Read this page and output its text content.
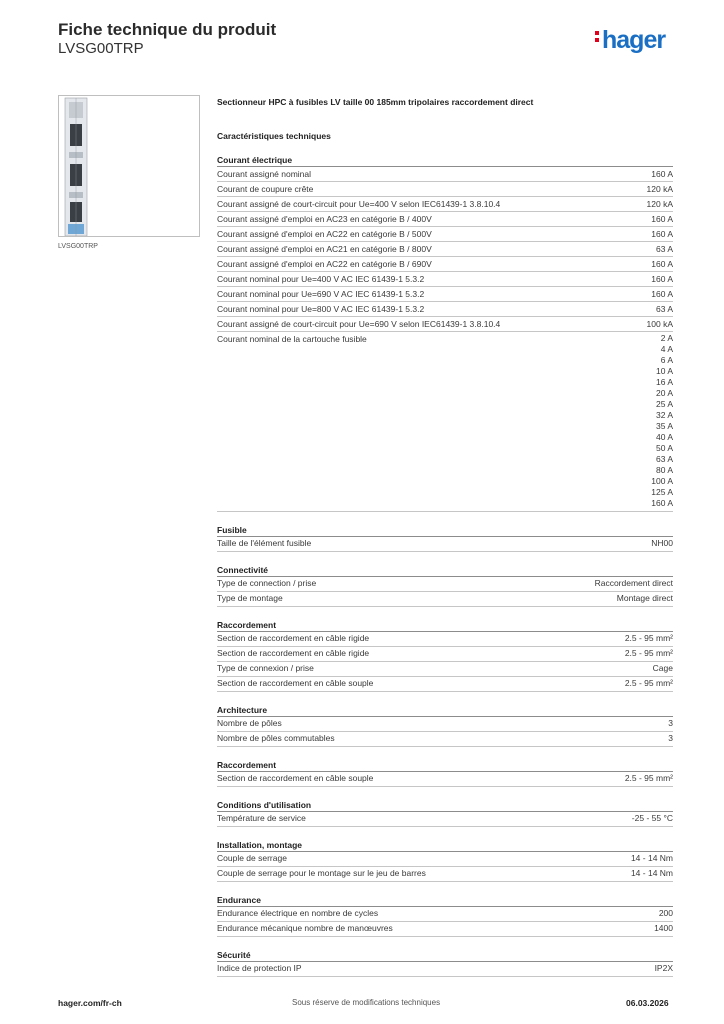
Fiche technique du produit
LVSG00TRP	hager
LVSG00TRP
Sectionneur HPC à fusibles LV taille 00 185mm tripolaires raccordement direct
Caractéristiques techniques
Courant électrique
Courant assigné nominal	160 A
Courant de coupure crête	120 kA
Courant assigné de court-circuit pour Ue=400 V selon IEC61439-1 3.8.10.4	120 kA
Courant assigné d'emploi en AC23 en catégorie B / 400V	160 A
Courant assigné d'emploi en AC22 en catégorie B / 500V	160 A
Courant assigné d'emploi en AC21 en catégorie B / 800V	63 A
Courant assigné d'emploi en AC22 en catégorie B / 690V	160 A
Courant nominal pour Ue=400 V AC IEC 61439-1 5.3.2	160 A
Courant nominal pour Ue=690 V AC IEC 61439-1 5.3.2	160 A
Courant nominal pour Ue=800 V AC IEC 61439-1 5.3.2	63 A
Courant assigné de court-circuit pour Ue=690 V selon IEC61439-1 3.8.10.4	100 kA
Courant nominal de la cartouche fusible	2 A
4 A
6 A
10 A
16 A
20 A
25 A
32 A
35 A
40 A
50 A
63 A
80 A
100 A
125 A
160 A
Fusible
Taille de l'élément fusible	NH00
Connectivité
Type de connection / prise	Raccordement direct
Type de montage	Montage direct
Raccordement
Section de raccordement en câble rigide	2.5 - 95 mm²
Section de raccordement en câble rigide	2.5 - 95 mm²
Type de connexion / prise	Cage
Section de raccordement en câble souple	2.5 - 95 mm²
Architecture
Nombre de pôles	3
Nombre de pôles commutables	3
Raccordement
Section de raccordement en câble souple	2.5 - 95 mm²
Conditions d'utilisation
Température de service	-25 - 55 °C
Installation, montage
Couple de serrage	14 - 14 Nm
Couple de serrage pour le montage sur le jeu de barres	14 - 14 Nm
Endurance
Endurance électrique en nombre de cycles	200
Endurance mécanique nombre de manœuvres	1400
Sécurité
Indice de protection IP	IP2X
hager.com/fr-ch	Sous réserve de modifications techniques	06.03.2026
